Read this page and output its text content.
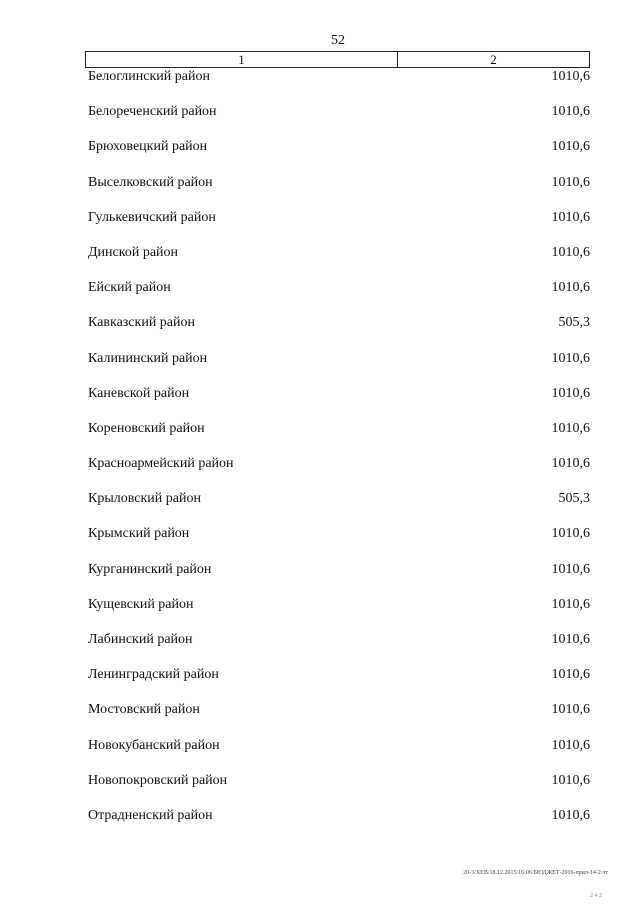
52
1	2
Белоглинский район	1010,6
Белореченский район	1010,6
Брюховецкий район	1010,6
Выселковский район	1010,6
Гулькевичский район	1010,6
Динской район	1010,6
Ейский район	1010,6
Кавказский район	505,3
Калининский район	1010,6
Каневской район	1010,6
Кореновский район	1010,6
Красноармейский район	1010,6
Крыловский район	505,3
Крымский район	1010,6
Курганинский район	1010,6
Кущевский район	1010,6
Лабинский район	1010,6
Ленинградский район	1010,6
Мостовский район	1010,6
Новокубанский район	1010,6
Новопокровский район	1010,6
Отрадненский район	1010,6
20-3/ХЕВ/18.12.2015/16:06/БЮДЖЕТ-2016-прил-14-2.чт
2 4 2
